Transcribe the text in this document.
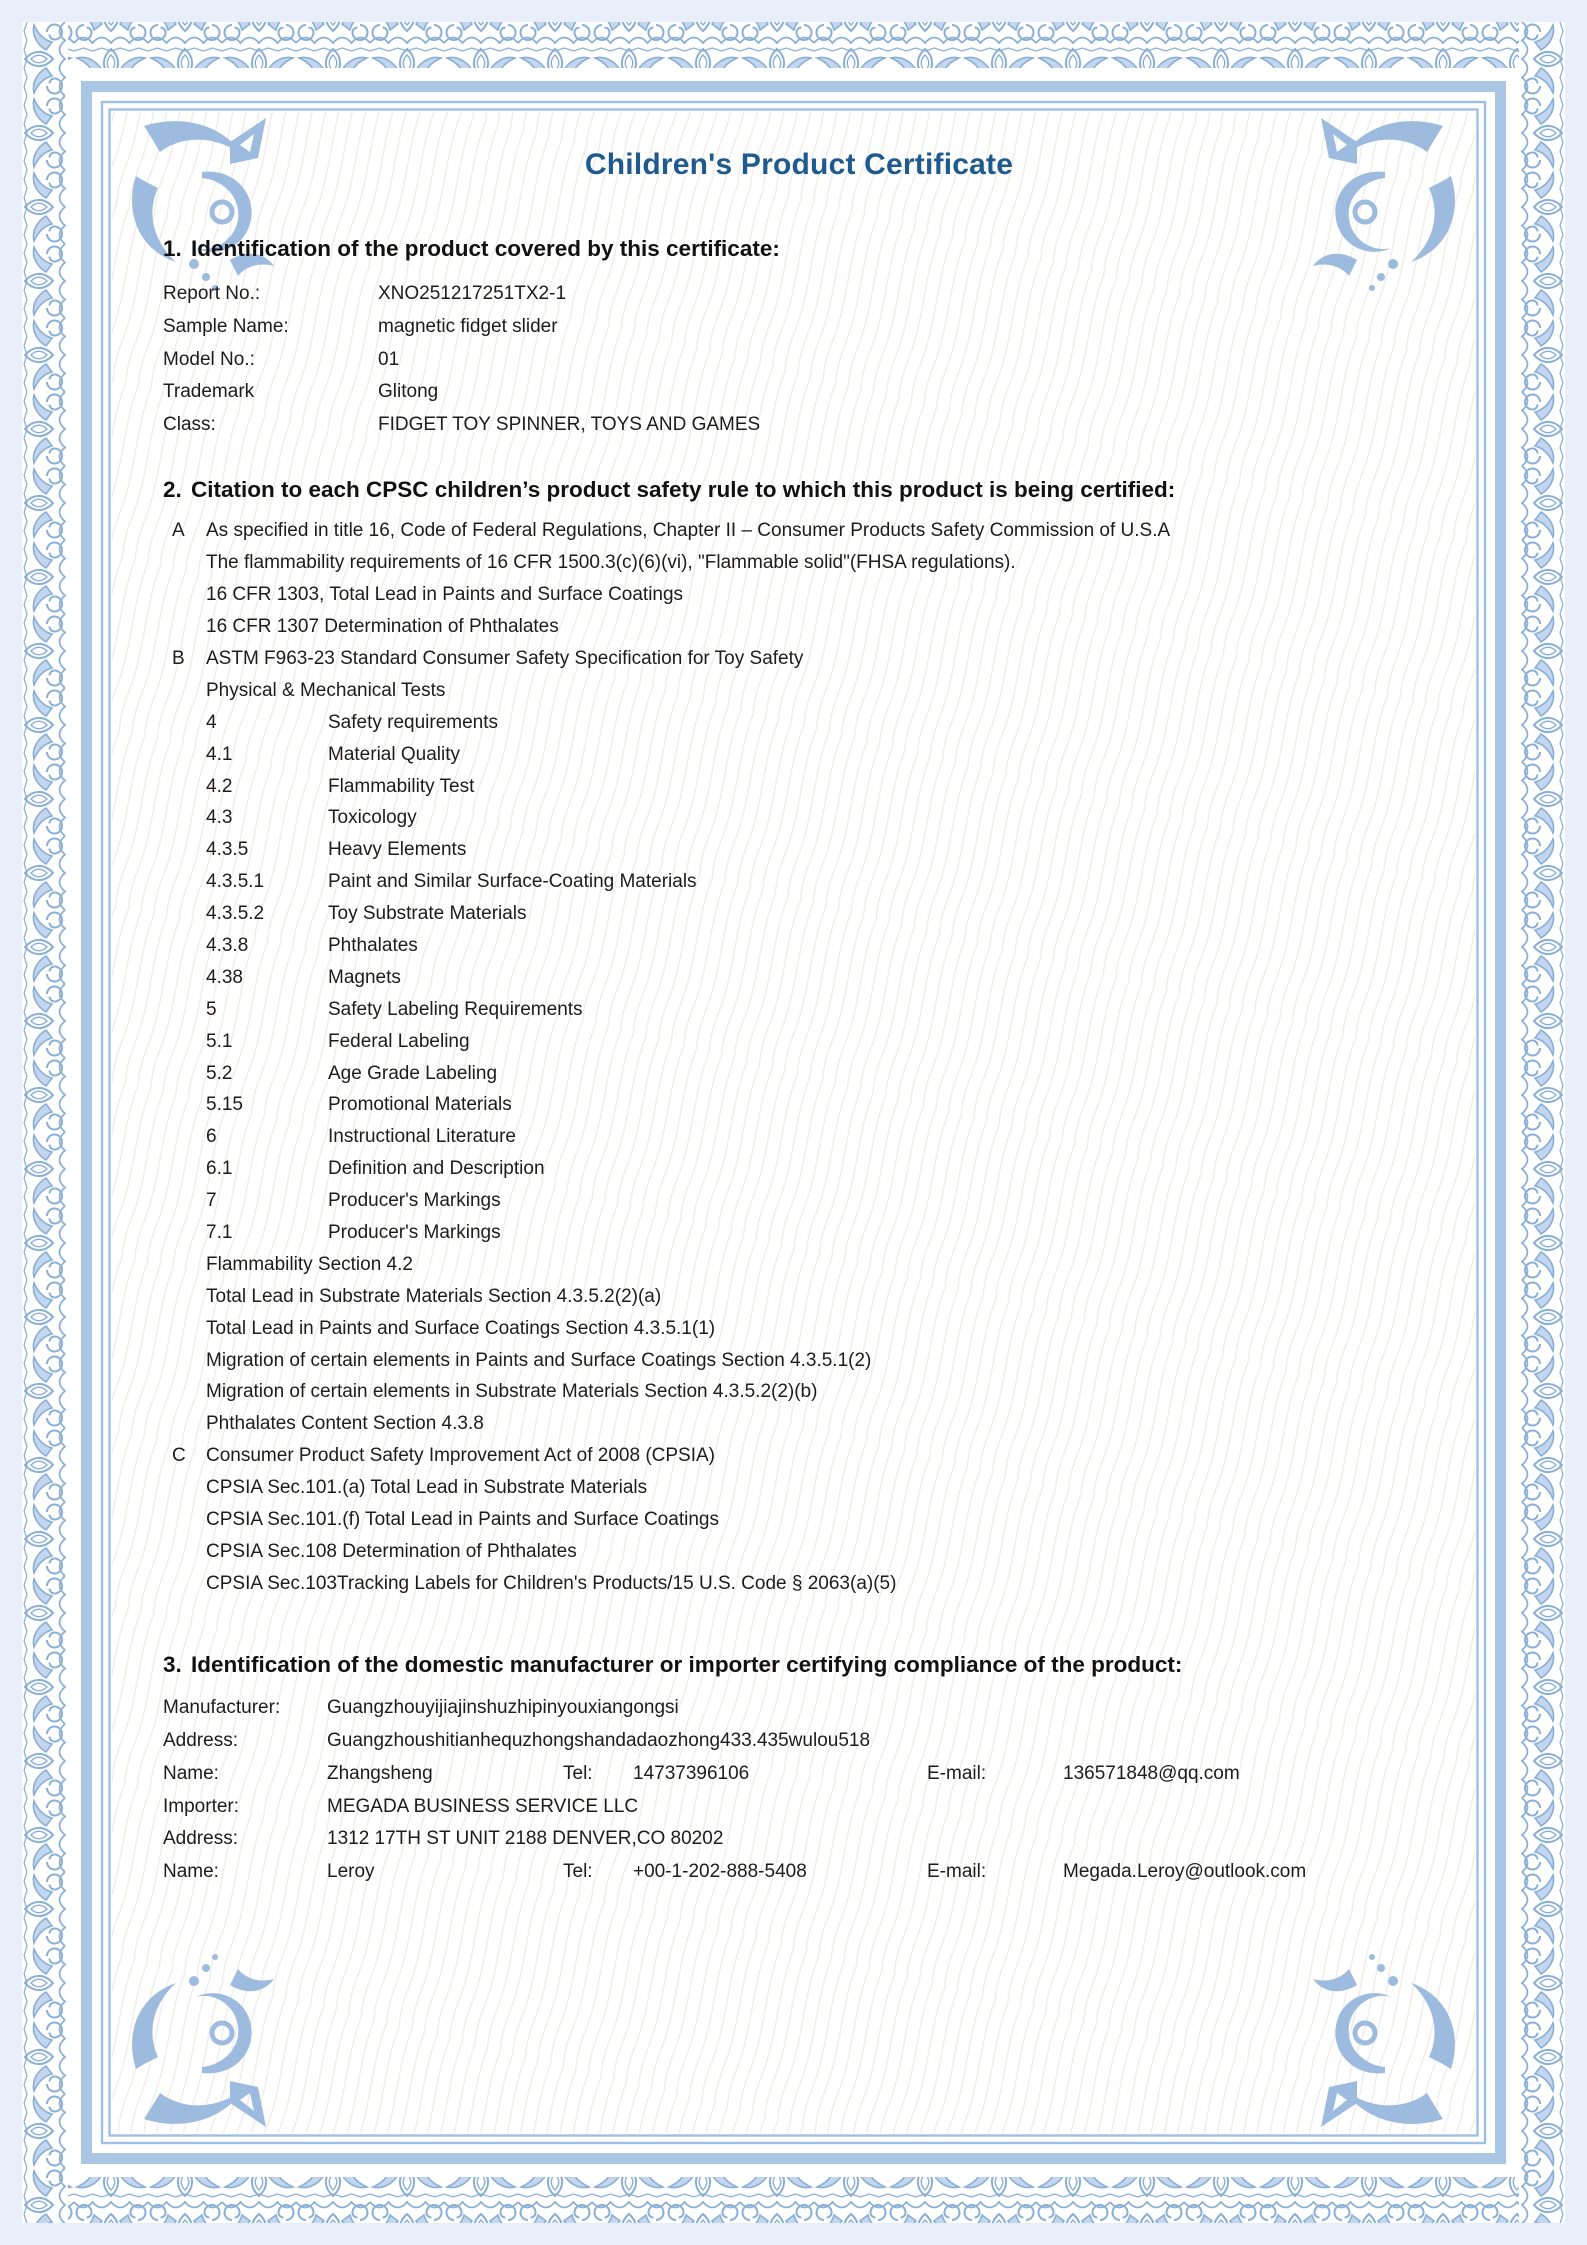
Children's Product Certificate
1. Identification of the product covered by this certificate:
Report No.:	XNO251217251TX2-1
Sample Name:	magnetic fidget slider
Model No.:	01
Trademark	Glitong
Class:	FIDGET TOY SPINNER, TOYS AND GAMES
2. Citation to each CPSC children’s product safety rule to which this product is being certified:
A	As specified in title 16, Code of Federal Regulations, Chapter II – Consumer Products Safety Commission of U.S.A
The flammability requirements of 16 CFR 1500.3(c)(6)(vi), "Flammable solid"(FHSA regulations).
16 CFR 1303, Total Lead in Paints and Surface Coatings
16 CFR 1307 Determination of Phthalates
B	ASTM F963-23 Standard Consumer Safety Specification for Toy Safety
Physical & Mechanical Tests
4	Safety requirements
4.1	Material Quality
4.2	Flammability Test
4.3	Toxicology
4.3.5	Heavy Elements
4.3.5.1	Paint and Similar Surface-Coating Materials
4.3.5.2	Toy Substrate Materials
4.3.8	Phthalates
4.38	Magnets
5	Safety Labeling Requirements
5.1	Federal Labeling
5.2	Age Grade Labeling
5.15	Promotional Materials
6	Instructional Literature
6.1	Definition and Description
7	Producer's Markings
7.1	Producer's Markings
Flammability Section 4.2
Total Lead in Substrate Materials Section 4.3.5.2(2)(a)
Total Lead in Paints and Surface Coatings Section 4.3.5.1(1)
Migration of certain elements in Paints and Surface Coatings Section 4.3.5.1(2)
Migration of certain elements in Substrate Materials Section 4.3.5.2(2)(b)
Phthalates Content Section 4.3.8
C	Consumer Product Safety Improvement Act of 2008 (CPSIA)
CPSIA Sec.101.(a) Total Lead in Substrate Materials
CPSIA Sec.101.(f) Total Lead in Paints and Surface Coatings
CPSIA Sec.108 Determination of Phthalates
CPSIA Sec.103Tracking Labels for Children's Products/15 U.S. Code § 2063(a)(5)
3. Identification of the domestic manufacturer or importer certifying compliance of the product:
Manufacturer:	Guangzhouyijiajinshuzhipinyouxiangongsi
Address:	Guangzhoushitianhequzhongshandadaozhong433.435wulou518
Name:	Zhangsheng	Tel:	14737396106	E-mail:	136571848@qq.com
Importer:	MEGADA BUSINESS SERVICE LLC
Address:	1312 17TH ST UNIT 2188 DENVER,CO 80202
Name:	Leroy	Tel:	+00-1-202-888-5408	E-mail:	Megada.Leroy@outlook.com
